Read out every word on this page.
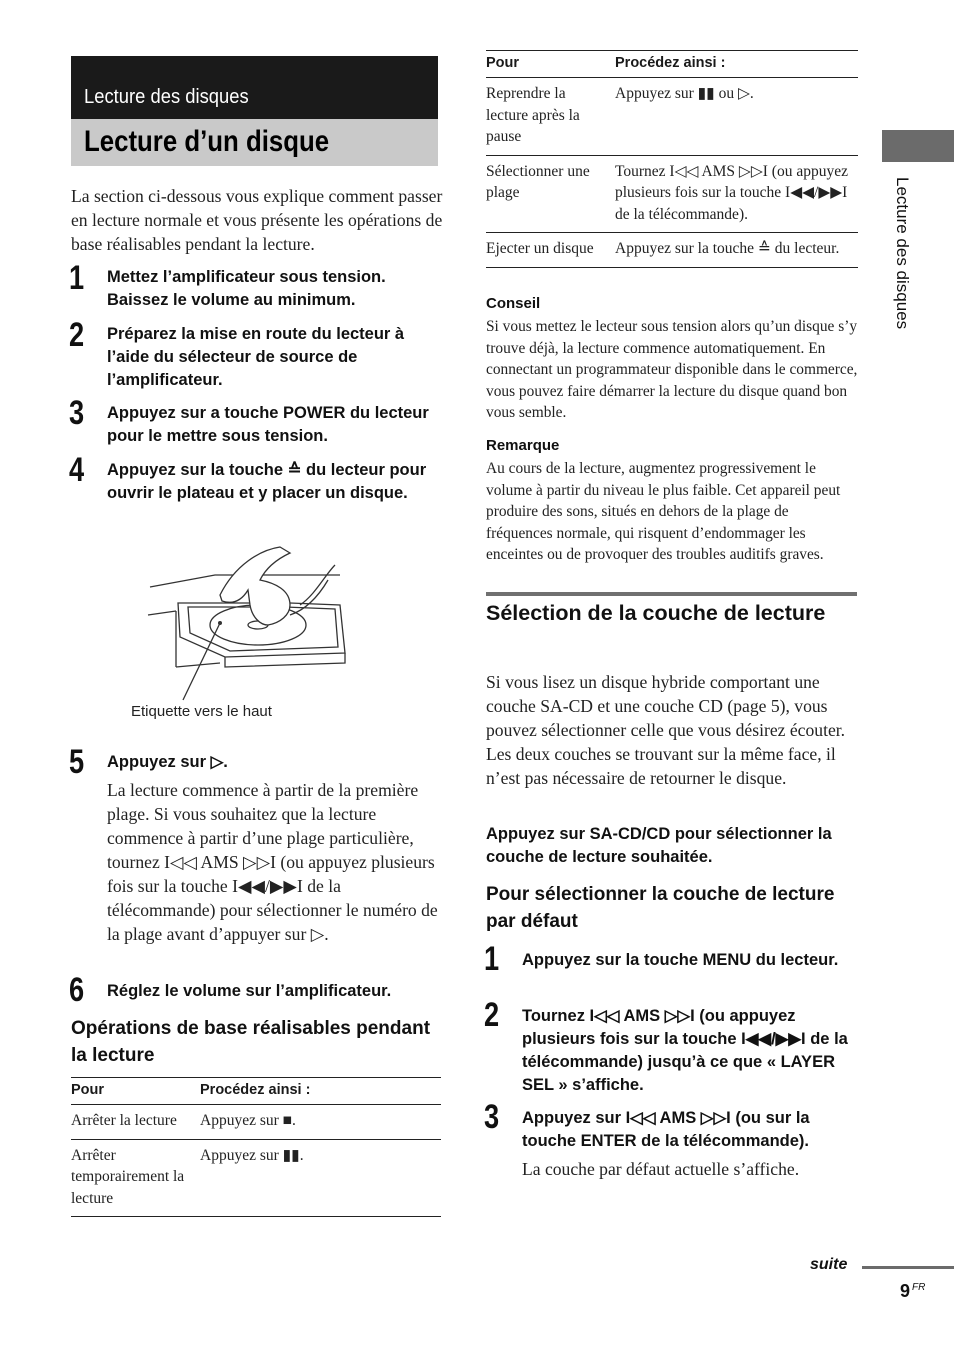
Lecture des disques
Lecture d’un disque
La section ci-dessous vous explique comment passer en lecture normale et vous présente les opérations de base réalisables pendant la lecture.
1 Mettez l’amplificateur sous tension. Baissez le volume au minimum.
2 Préparez la mise en route du lecteur à l’aide du sélecteur de source de l’amplificateur.
3 Appuyez sur a touche POWER du lecteur pour le mettre sous tension.
4 Appuyez sur la touche ≙ du lecteur pour ouvrir le plateau et y placer un disque.
Etiquette vers le haut
5 Appuyez sur ▷.
La lecture commence à partir de la première plage. Si vous souhaitez que la lecture commence à partir d’une plage particulière, tournez I◁◁ AMS ▷▷I (ou appuyez plusieurs fois sur la touche I◀◀/▶▶I de la télécommande) pour sélectionner le numéro de la plage avant d’appuyer sur ▷.
6 Réglez le volume sur l’amplificateur.
Opérations de base réalisables pendant la lecture
Pour	Procédez ainsi :
Arrêter la lecture	Appuyez sur ■.
Arrêter temporairement la lecture	Appuyez sur ▮▮.
Pour	Procédez ainsi :
Reprendre la lecture après la pause	Appuyez sur ▮▮ ou ▷.
Sélectionner une plage	Tournez I◁◁ AMS ▷▷I (ou appuyez plusieurs fois sur la touche I◀◀/▶▶I de la télécommande).
Ejecter un disque	Appuyez sur la touche ≙ du lecteur.
Conseil
Si vous mettez le lecteur sous tension alors qu’un disque s’y trouve déjà, la lecture commence automatiquement. En connectant un programmateur disponible dans le commerce, vous pouvez faire démarrer la lecture du disque quand bon vous semble.
Remarque
Au cours de la lecture, augmentez progressivement le volume à partir du niveau le plus faible. Cet appareil peut produire des sons, situés en dehors de la plage de fréquences normale, qui risquent d’endommager les enceintes ou de provoquer des troubles auditifs graves.
Sélection de la couche de lecture
Si vous lisez un disque hybride comportant une couche SA-CD et une couche CD (page 5), vous pouvez sélectionner celle que vous désirez écouter. Les deux couches se trouvant sur la même face, il n’est pas nécessaire de retourner le disque.
Appuyez sur SA-CD/CD pour sélectionner la couche de lecture souhaitée.
Pour sélectionner la couche de lecture par défaut
1 Appuyez sur la touche MENU du lecteur.
2 Tournez I◁◁ AMS ▷▷I (ou appuyez plusieurs fois sur la touche I◀◀/▶▶I de la télécommande) jusqu’à ce que « LAYER SEL » s’affiche.
3 Appuyez sur I◁◁ AMS ▷▷I (ou sur la touche ENTER de la télécommande).
La couche par défaut actuelle s’affiche.
Lecture des disques
suite
9 FR
